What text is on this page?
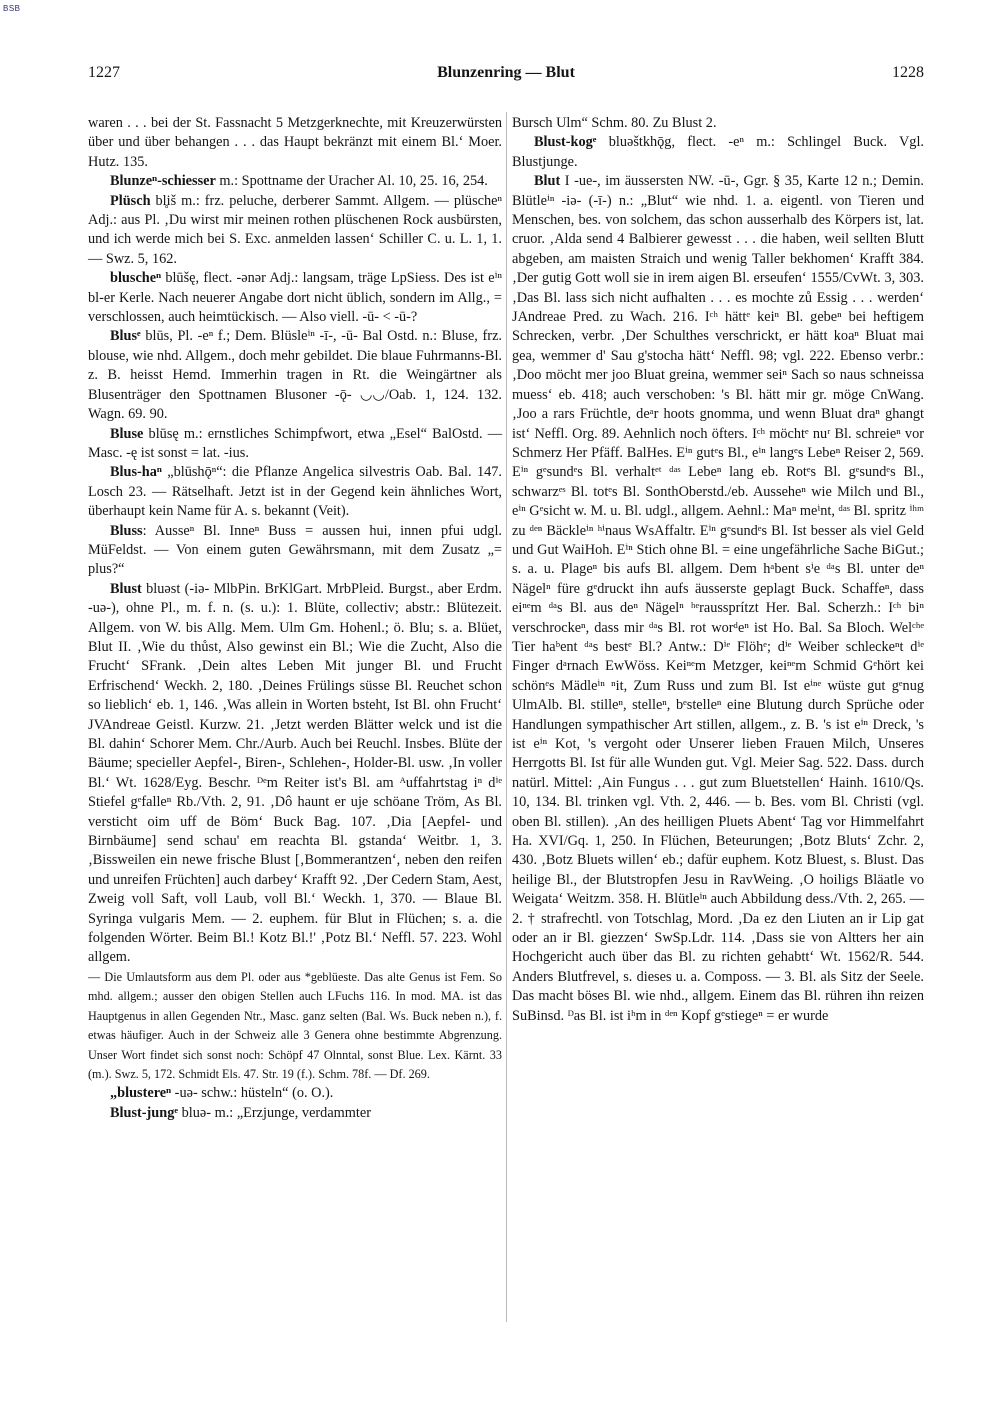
BSB
1227	Blunzenring — Blut	1228

waren . . . bei der St. Fassnacht 5 Metzgerknechte, mit Kreuzerwürsten über und über behangen . . . das Haupt bekränzt mit einem Bl.‘ Moer. Hutz. 135.

Blunzeⁿ-schiesser m.: Spottname der Uracher Al. 10, 25. 16, 254.

Plüsch bl̥iš m.: frz. peluche, derberer Sammt. Allgem. — plüscheⁿ Adj.: aus Pl. ‚Du wirst mir meinen rothen plüschenen Rock ausbürsten, und ich werde mich bei S. Exc. anmelden lassen‘ Schiller C. u. L. 1, 1. — Swz. 5, 162.

bluscheⁿ blūšę, flect. -ənər Adj.: langsam, träge LpSiess. Des ist eⁱⁿ bl-er Kerle. Nach neuerer Angabe dort nicht üblich, sondern im Allg., = verschlossen, auch heimtückisch. — Also viell. -ū- < -ū-?

Blusᵉ blūs, Pl. -eⁿ f.; Dem. Blüsleⁱⁿ -ī-, -ū- Bal Ostd. n.: Bluse, frz. blouse, wie nhd. Allgem., doch mehr gebildet. Die blaue Fuhrmanns-Bl. z. B. heisst Hemd. Immerhin tragen in Rt. die Weingärtner als Blusenträger den Spottnamen Blusoner -ǭ- ◡◡/Oab. 1, 124. 132. Wagn. 69. 90.

Bluse blūsę m.: ernstliches Schimpfwort, etwa „Esel“ BalOstd. — Masc. -ę ist sonst = lat. -ius.

Blus-haⁿ „blūshǭⁿ“: die Pflanze Angelica silvestris Oab. Bal. 147. Losch 23. — Rätselhaft. Jetzt ist in der Gegend kein ähnliches Wort, überhaupt kein Name für A. s. bekannt (Veit).

Bluss: Ausseⁿ Bl. Inneⁿ Buss = aussen hui, innen pfui udgl. MüFeldst. — Von einem guten Gewährsmann, mit dem Zusatz „= plus?“

Blust bluəst (-iə- MlbPin. BrKlGart. MrbPleid. Burgst., aber Erdm. -uə-), ohne Pl., m. f. n. (s. u.): 1. Blüte, collectiv; abstr.: Blütezeit. Allgem. von W. bis Allg. Mem. Ulm Gm. Hohenl.; ö. Blu; s. a. Blüet, Blut II. ‚Wie du thůst, Also gewinst ein Bl.; Wie die Zucht, Also die Frucht‘ SFrank. ‚Dein altes Leben Mit junger Bl. und Frucht Erfrischend‘ Weckh. 2, 180. ‚Deines Frülings süsse Bl. Reuchet schon so lieblich‘ eb. 1, 146. ‚Was allein in Worten bsteht, Ist Bl. ohn Frucht‘ JVAndreae Geistl. Kurzw. 21. ‚Jetzt werden Blätter welck und ist die Bl. dahin‘ Schorer Mem. Chr./Aurb. Auch bei Reuchl. Insbes. Blüte der Bäume; specieller Aepfel-, Biren-, Schlehen-, Holder-Bl. usw. ‚In voller Bl.‘ Wt. 1628/Eyg. Beschr. ᴰᵉm Reiter ist's Bl. am ᴬuffahrtstag iⁿ dⁱᵉ Stiefel gᵉfalleⁿ Rb./Vth. 2, 91. ‚Dô haunt er uje schöane Tröm, As Bl. versticht oim uff de Böm‘ Buck Bag. 107. ‚Dia [Aepfel- und Birnbäume] send schau' em reachta Bl. gstanda‘ Weitbr. 1, 3. ‚Bissweilen ein newe frische Blust [‚Bommerantzen‘, neben den reifen und unreifen Früchten] auch darbey‘ Krafft 92. ‚Der Cedern Stam, Aest, Zweig voll Saft, voll Laub, voll Bl.‘ Weckh. 1, 370. — Blaue Bl. Syringa vulgaris Mem. — 2. euphem. für Blut in Flüchen; s. a. die folgenden Wörter. Beim Bl.! Kotz Bl.!' ‚Potz Bl.‘ Neffl. 57. 223. Wohl allgem.

— Die Umlautsform aus dem Pl. oder aus *geblüeste. Das alte Genus ist Fem. So mhd. allgem.; ausser den obigen Stellen auch LFuchs 116. In mod. MA. ist das Hauptgenus in allen Gegenden Ntr., Masc. ganz selten (Bal. Ws. Buck neben n.), f. etwas häufiger. Auch in der Schweiz alle 3 Genera ohne bestimmte Abgrenzung. Unser Wort findet sich sonst noch: Schöpf 47 Olnntal, sonst Blue. Lex. Kärnt. 33 (m.). Swz. 5, 172. Schmidt Els. 47. Str. 19 (f.). Schm. 78f. — Df. 269.

„blustereⁿ -uə- schw.: hüsteln“ (o. O.).

Blust-jungᵉ bluə- m.: „Erzjunge, verdammter

Bursch Ulm“ Schm. 80. Zu Blust 2.

Blust-kogᵉ bluəštkhǭg, flect. -eⁿ m.: Schlingel Buck. Vgl. Blustjunge.

Blut I -ue-, im äussersten NW. -ū-, Ggr. § 35, Karte 12 n.; Demin. Blütleⁱⁿ -iə- (-ī-) n.: „Blut“ wie nhd. 1. a. eigentl. von Tieren und Menschen, bes. von solchem, das schon ausserhalb des Körpers ist, lat. cruor. ‚Alda send 4 Balbierer gewesst . . . die haben, weil sellten Blutt abgeben, am maisten Straich und wenig Taller bekhomen‘ Krafft 384. ‚Der gutig Gott woll sie in irem aigen Bl. erseufen‘ 1555/CvWt. 3, 303. ‚Das Bl. lass sich nicht aufhalten . . . es mochte zů Essig . . . werden‘ JAndreae Pred. zu Wach. 216. Iᶜʰ hättᵉ keiⁿ Bl. gebeⁿ bei heftigem Schrecken, verbr. ‚Der Schulthes verschrickt, er hätt koaⁿ Bluat mai gea, wemmer d' Sau g'stocha hätt‘ Neffl. 98; vgl. 222. Ebenso verbr.: ‚Doo möcht mer joo Bluat greina, wemmer seiⁿ Sach so naus schneissa muess‘ eb. 418; auch verschoben: 's Bl. hätt mir gr. möge CnWang. ‚Joo a rars Früchtle, deᵃr hoots gnomma, und wenn Bluat draⁿ ghangt ist‘ Neffl. Org. 89. Aehnlich noch öfters. Iᶜʰ möchtᵉ nuʳ Bl. schreieⁿ vor Schmerz Her Pfäff. BalHes. Eⁱⁿ gutᵉs Bl., eⁱⁿ langᵉs Lebeⁿ Reiser 2, 569. Eⁱⁿ gᵉsundᵉs Bl. verhaltᵉᵗ ᵈᵃˢ Lebeⁿ lang eb. Rotᵉs Bl. gᵉsundᵉs Bl., schwarzᵉˢ Bl. totᵉs Bl. SonthOberstd./eb. Ausseheⁿ wie Milch und Bl., eⁱⁿ Gᵉsicht w. M. u. Bl. udgl., allgem. Aehnl.: Maⁿ meⁱnt, ᵈᵃˢ Bl. spritz ⁱʰᵐ zu ᵈᵉⁿ Bäckleⁱⁿ ʰⁱnaus WsAffaltr. Eⁱⁿ gᵉsundᵉs Bl. Ist besser als viel Geld und Gut WaiHoh. Eⁱⁿ Stich ohne Bl. = eine ungefährliche Sache BiGut.; s. a. u. Plageⁿ bis aufs Bl. allgem. Dem hᵃbent sⁱe ᵈᵃs Bl. unter deⁿ Nägelⁿ füre gᵉdruckt ihn aufs äusserste geplagt Buck. Schaffeⁿ, dass eiⁿᵉm ᵈᵃs Bl. aus deⁿ Nägelⁿ ʰᵉraussprítzt Her. Bal. Scherzh.: Iᶜʰ biⁿ verschrockeⁿ, dass mir ᵈᵃs Bl. rot worᵈeⁿ ist Ho. Bal. Sa Bloch. Welᶜʰᵉ Tier haᵇent ᵈᵃs bestᵉ Bl.? Antw.: Dⁱᵉ Flöhᵉ; dⁱᵉ Weiber schleckeⁿt dⁱᵉ Finger dᵃrnach EwWöss. Keiⁿᵉm Metzger, keiⁿᵉm Schmid Gᵉhört kei schönᵉs Mädleⁱⁿ ⁿit, Zum Russ und zum Bl. Ist eⁱⁿᵉ wüste gut gᵉnug UlmAlb. Bl. stilleⁿ, stelleⁿ, bᵉstelleⁿ eine Blutung durch Sprüche oder Handlungen sympathischer Art stillen, allgem., z. B. 's ist eⁱⁿ Dreck, 's ist eⁱⁿ Kot, 's vergoht oder Unserer lieben Frauen Milch, Unseres Herrgotts Bl. Ist für alle Wunden gut. Vgl. Meier Sag. 522. Dass. durch natürl. Mittel: ‚Ain Fungus . . . gut zum Bluetstellen‘ Hainh. 1610/Qs. 10, 134. Bl. trinken vgl. Vth. 2, 446. — b. Bes. vom Bl. Christi (vgl. oben Bl. stillen). ‚An des heilligen Pluets Abent‘ Tag vor Himmelfahrt Ha. XVI/Gq. 1, 250. In Flüchen, Beteurungen; ‚Botz Bluts‘ Zchr. 2, 430. ‚Botz Bluets willen‘ eb.; dafür euphem. Kotz Bluest, s. Blust. Das heilige Bl., der Blutstropfen Jesu in RavWeing. ‚O hoiligs Bläatle vo Weigata‘ Weitzm. 358. H. Blütleⁱⁿ auch Abbildung dess./Vth. 2, 265. — 2. † strafrechtl. von Totschlag, Mord. ‚Da ez den Liuten an ir Lip gat oder an ir Bl. giezzen‘ SwSp.Ldr. 114. ‚Dass sie von Altters her ain Hochgericht auch über das Bl. zu richten gehabtt‘ Wt. 1562/R. 544. Anders Blutfrevel, s. dieses u. a. Composs. — 3. Bl. als Sitz der Seele. Das macht böses Bl. wie nhd., allgem. Einem das Bl. rühren ihn reizen SuBinsd. ᴰas Bl. ist iʰm in ᵈᵉⁿ Kopf gᵉstiegeⁿ = er wurde
